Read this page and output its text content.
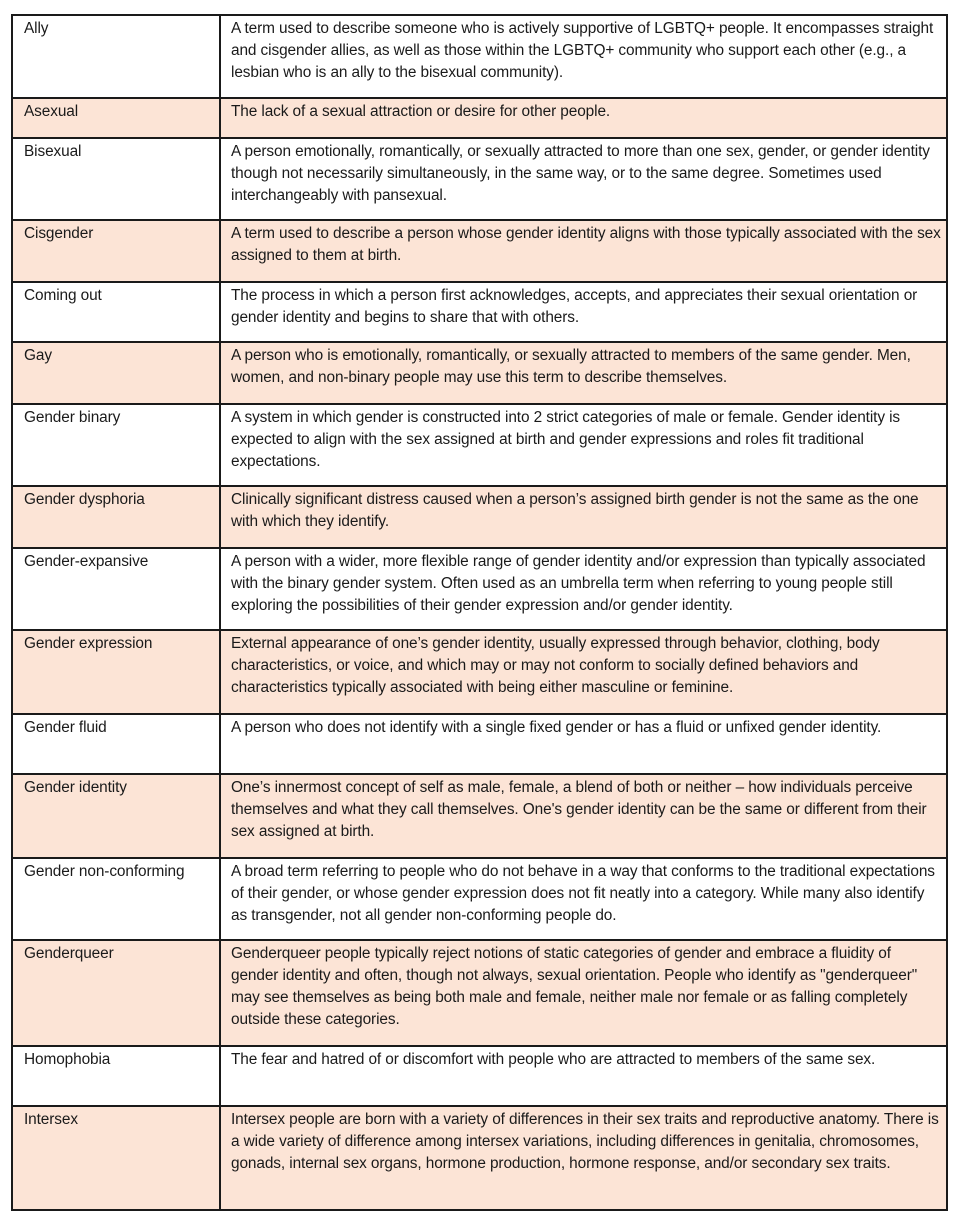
Ally	A term used to describe someone who is actively supportive of LGBTQ+ people. It encompasses straight and cisgender allies, as well as those within the LGBTQ+ community who support each other (e.g., a lesbian who is an ally to the bisexual community).
Asexual	The lack of a sexual attraction or desire for other people.
Bisexual	A person emotionally, romantically, or sexually attracted to more than one sex, gender, or gender identity though not necessarily simultaneously, in the same way, or to the same degree. Sometimes used interchangeably with pansexual.
Cisgender	A term used to describe a person whose gender identity aligns with those typically associated with the sex assigned to them at birth.
Coming out	The process in which a person first acknowledges, accepts, and appreciates their sexual orientation or gender identity and begins to share that with others.
Gay	A person who is emotionally, romantically, or sexually attracted to members of the same gender. Men, women, and non-binary people may use this term to describe themselves.
Gender binary	A system in which gender is constructed into 2 strict categories of male or female. Gender identity is expected to align with the sex assigned at birth and gender expressions and roles fit traditional expectations.
Gender dysphoria	Clinically significant distress caused when a person’s assigned birth gender is not the same as the one with which they identify.
Gender-expansive	A person with a wider, more flexible range of gender identity and/or expression than typically associated with the binary gender system. Often used as an umbrella term when referring to young people still exploring the possibilities of their gender expression and/or gender identity.
Gender expression	External appearance of one’s gender identity, usually expressed through behavior, clothing, body characteristics, or voice, and which may or may not conform to socially defined behaviors and characteristics typically associated with being either masculine or feminine.
Gender fluid	A person who does not identify with a single fixed gender or has a fluid or unfixed gender identity.
Gender identity	One’s innermost concept of self as male, female, a blend of both or neither – how individuals perceive themselves and what they call themselves. One's gender identity can be the same or different from their sex assigned at birth.
Gender non-conforming	A broad term referring to people who do not behave in a way that conforms to the traditional expectations of their gender, or whose gender expression does not fit neatly into a category. While many also identify as transgender, not all gender non-conforming people do.
Genderqueer	Genderqueer people typically reject notions of static categories of gender and embrace a fluidity of gender identity and often, though not always, sexual orientation. People who identify as "genderqueer" may see themselves as being both male and female, neither male nor female or as falling completely outside these categories.
Homophobia	The fear and hatred of or discomfort with people who are attracted to members of the same sex.
Intersex	Intersex people are born with a variety of differences in their sex traits and reproductive anatomy. There is a wide variety of difference among intersex variations, including differences in genitalia, chromosomes, gonads, internal sex organs, hormone production, hormone response, and/or secondary sex traits.
